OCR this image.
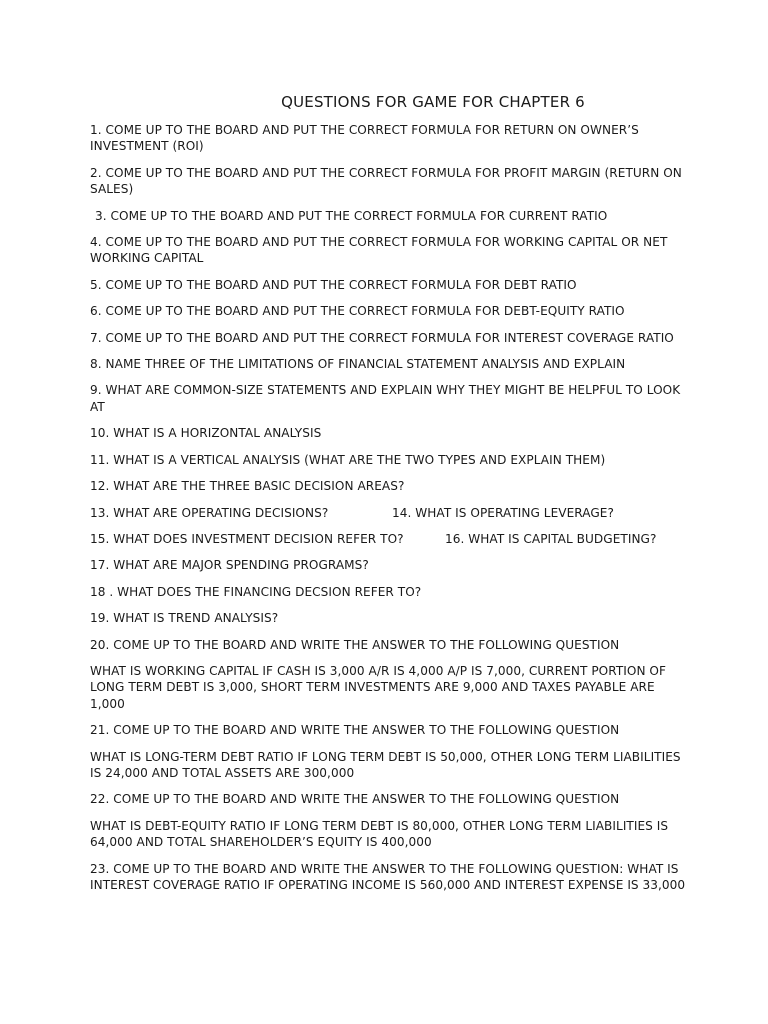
QUESTIONS FOR GAME FOR CHAPTER 6
1. COME UP TO THE BOARD AND PUT THE CORRECT FORMULA FOR RETURN ON OWNER’S INVESTMENT (ROI)
2. COME UP TO THE BOARD AND PUT THE CORRECT FORMULA FOR PROFIT MARGIN (RETURN ON SALES)
3. COME UP TO THE BOARD AND PUT THE CORRECT FORMULA FOR CURRENT RATIO
4. COME UP TO THE BOARD AND PUT THE CORRECT FORMULA FOR WORKING CAPITAL OR NET WORKING CAPITAL
5. COME UP TO THE BOARD AND PUT THE CORRECT FORMULA FOR DEBT RATIO
6. COME UP TO THE BOARD AND PUT THE CORRECT FORMULA FOR DEBT-EQUITY RATIO
7. COME UP TO THE BOARD AND PUT THE CORRECT FORMULA FOR INTEREST COVERAGE RATIO
8. NAME THREE OF THE LIMITATIONS OF FINANCIAL STATEMENT ANALYSIS AND EXPLAIN
9. WHAT ARE COMMON-SIZE STATEMENTS AND EXPLAIN WHY THEY MIGHT BE HELPFUL TO LOOK AT
10. WHAT IS A HORIZONTAL ANALYSIS
11. WHAT IS A VERTICAL ANALYSIS (WHAT ARE THE TWO TYPES AND EXPLAIN THEM)
12. WHAT ARE THE THREE BASIC DECISION AREAS?
13. WHAT ARE OPERATING DECISIONS?	14. WHAT IS OPERATING LEVERAGE?
15. WHAT DOES INVESTMENT DECISION REFER TO?	16. WHAT IS CAPITAL BUDGETING?
17. WHAT ARE MAJOR SPENDING PROGRAMS?
18 . WHAT DOES THE FINANCING DECSION REFER TO?
19. WHAT IS TREND ANALYSIS?
20. COME UP TO THE BOARD AND WRITE THE ANSWER TO THE FOLLOWING QUESTION
WHAT IS WORKING CAPITAL IF CASH IS 3,000 A/R IS 4,000 A/P IS 7,000, CURRENT PORTION OF LONG TERM DEBT IS 3,000, SHORT TERM INVESTMENTS ARE 9,000 AND TAXES PAYABLE ARE 1,000
21. COME UP TO THE BOARD AND WRITE THE ANSWER TO THE FOLLOWING QUESTION
WHAT IS LONG-TERM DEBT RATIO IF LONG TERM DEBT IS 50,000, OTHER LONG TERM LIABILITIES IS 24,000 AND TOTAL ASSETS ARE 300,000
22. COME UP TO THE BOARD AND WRITE THE ANSWER TO THE FOLLOWING QUESTION
WHAT IS DEBT-EQUITY RATIO IF LONG TERM DEBT IS 80,000, OTHER LONG TERM LIABILITIES IS 64,000 AND TOTAL SHAREHOLDER’S EQUITY IS 400,000
23. COME UP TO THE BOARD AND WRITE THE ANSWER TO THE FOLLOWING QUESTION: WHAT IS INTEREST COVERAGE RATIO IF OPERATING INCOME IS 560,000 AND INTEREST EXPENSE IS 33,000
